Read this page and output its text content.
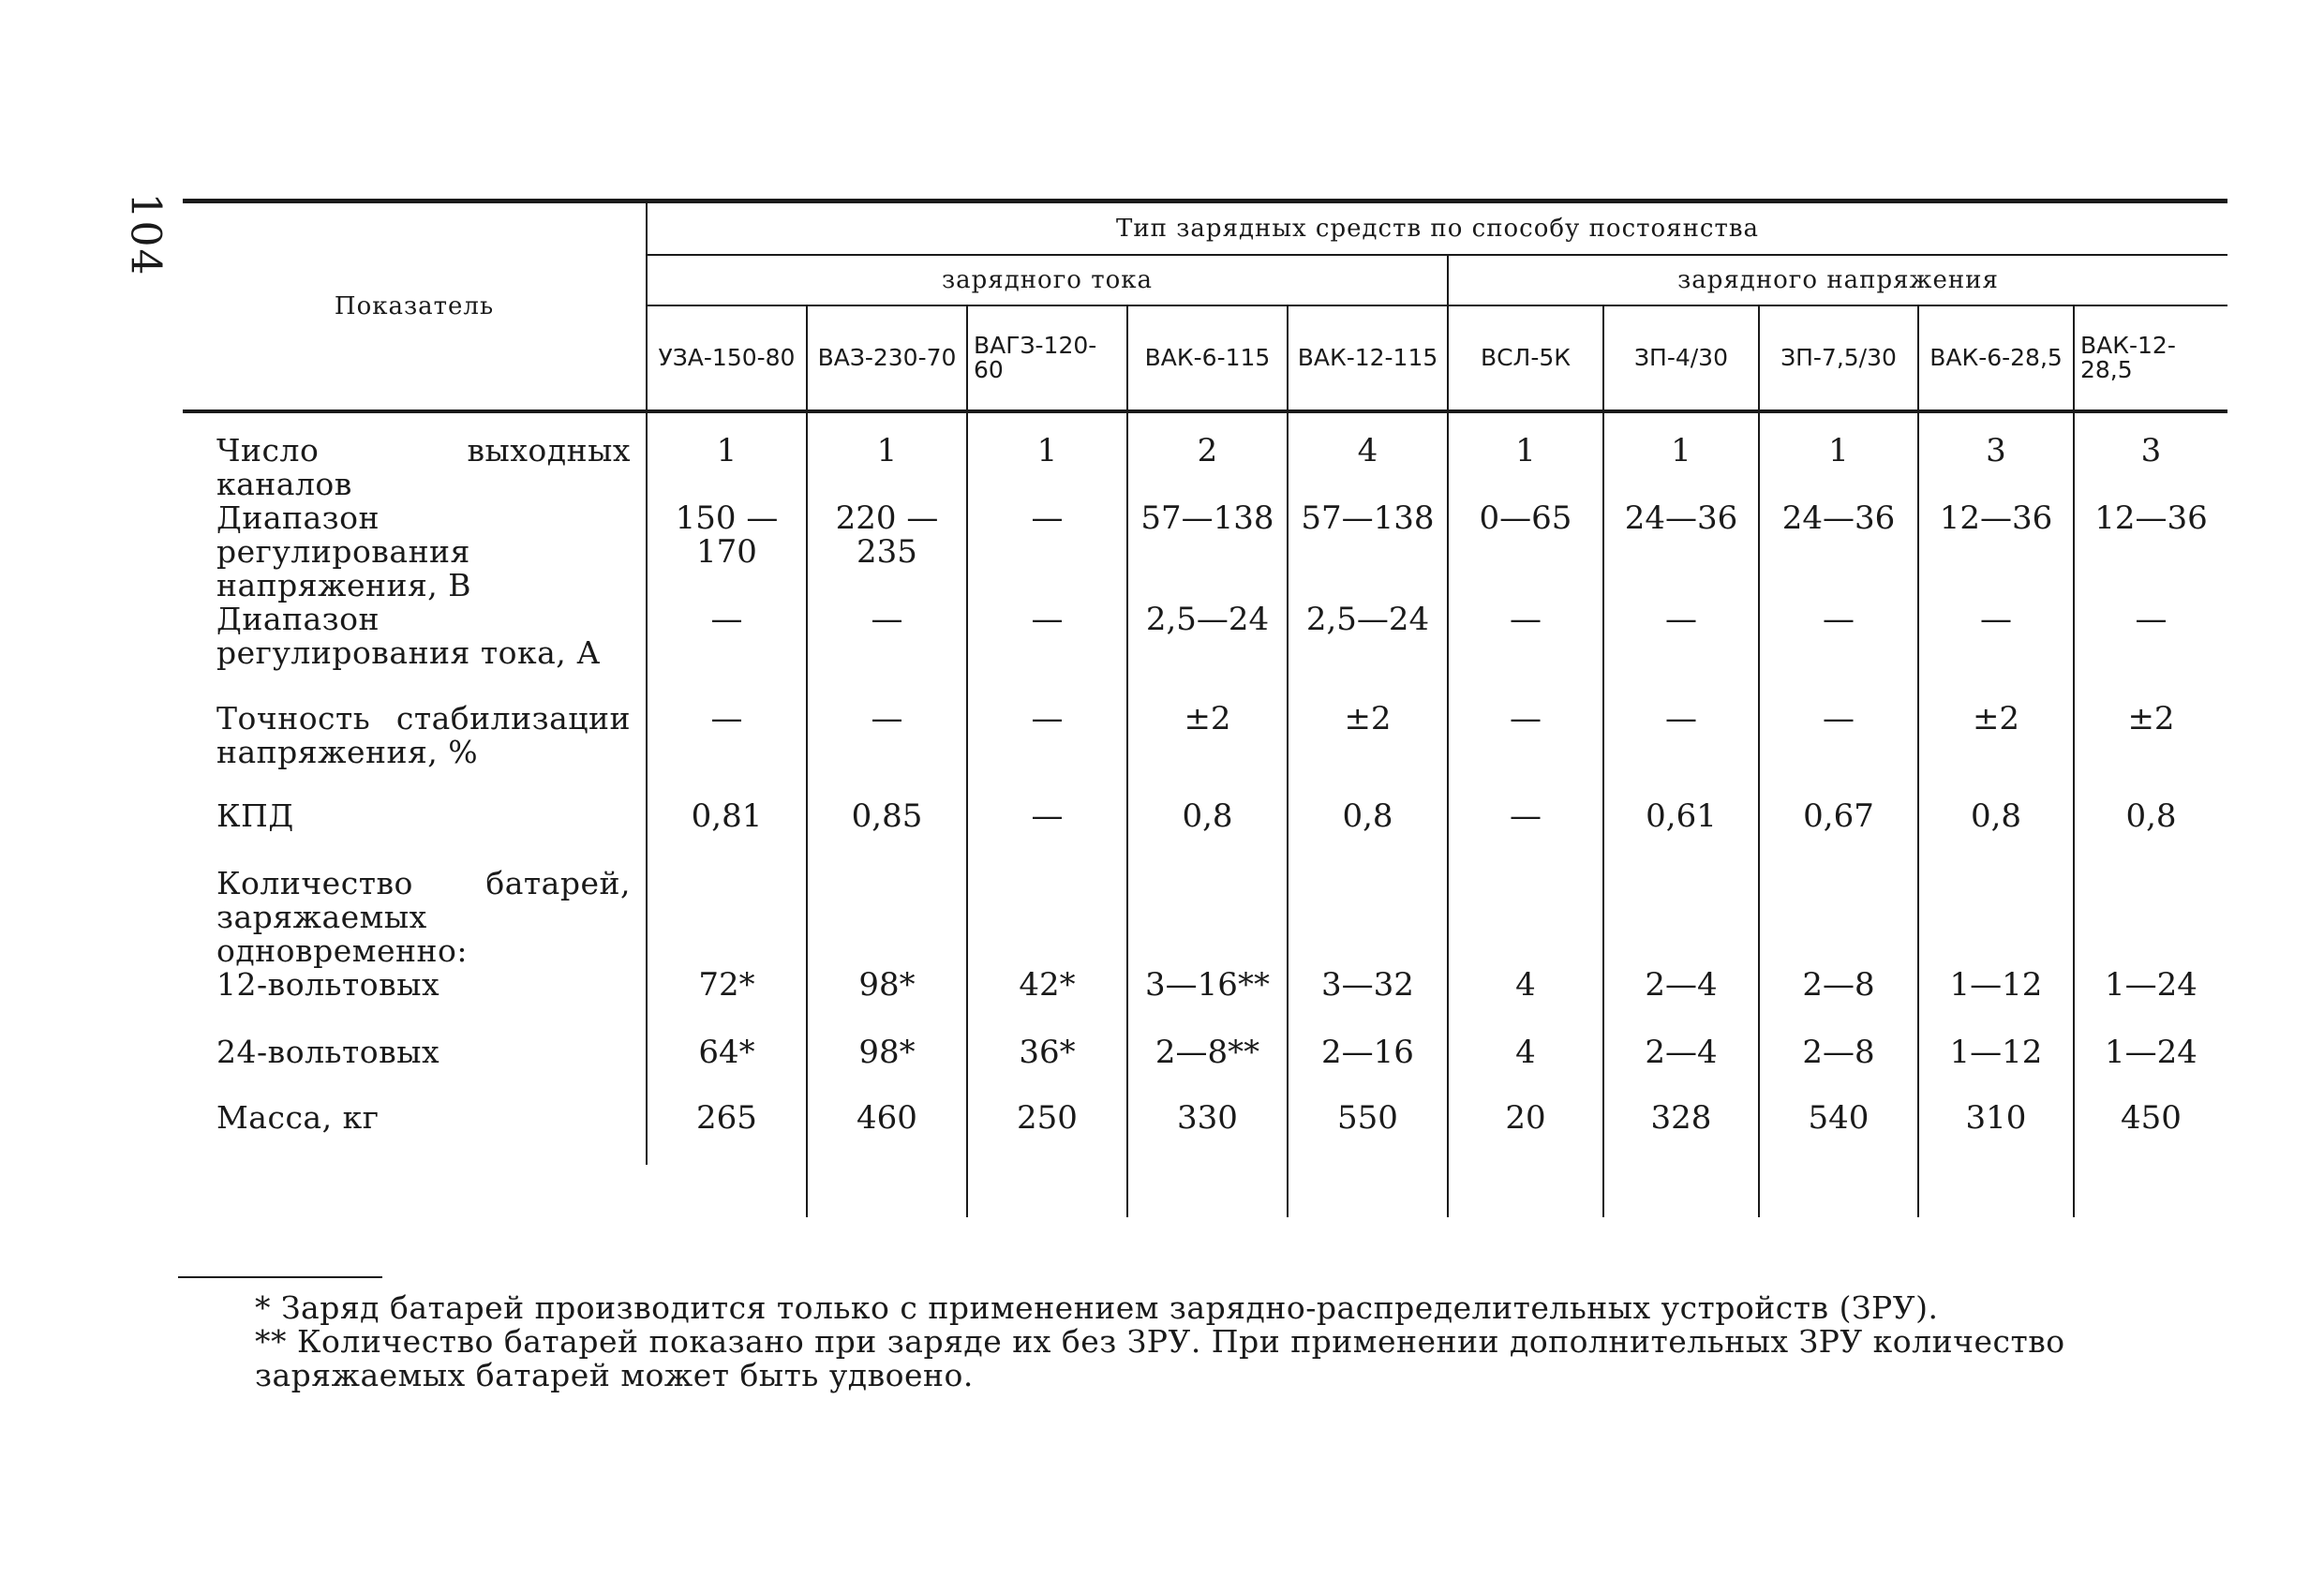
104

Показатель	Тип зарядных средств по способу постоянства									
	зарядного тока					зарядного напряжения				
	УЗА-150-80	ВАЗ-230-70	ВАГЗ-120-60	ВАК-6-115	ВАК-12-115	ВСЛ-5К	ЗП-4/30	ЗП-7,5/30	ВАК-6-28,5	ВАК-12-28,5
Число выходных каналов	1	1	1	2	4	1	1	1	3	3
Диапазон регулирования напряжения, В	150 — 170	220 — 235	—	57—138	57—138	0—65	24—36	24—36	12—36	12—36
Диапазон регулирования тока, А	—	—	—	2,5—24	2,5—24	—	—	—	—	—
Точность стабилизации напряжения, %	—	—	—	±2	±2	—	—	—	±2	±2
КПД	0,81	0,85	—	0,8	0,8	—	0,61	0,67	0,8	0,8
Количество батарей, заряжаемых одновременно:										
12-вольтовых	72*	98*	42*	3—16**	3—32	4	2—4	2—8	1—12	1—24
24-вольтовых	64*	98*	36*	2—8**	2—16	4	2—4	2—8	1—12	1—24
Масса, кг	265	460	250	330	550	20	328	540	310	450

* Заряд батарей производится только с применением зарядно-распределительных устройств (ЗРУ).
** Количество батарей показано при заряде их без ЗРУ. При применении дополнительных ЗРУ количество заряжаемых батарей может быть удвоено.
